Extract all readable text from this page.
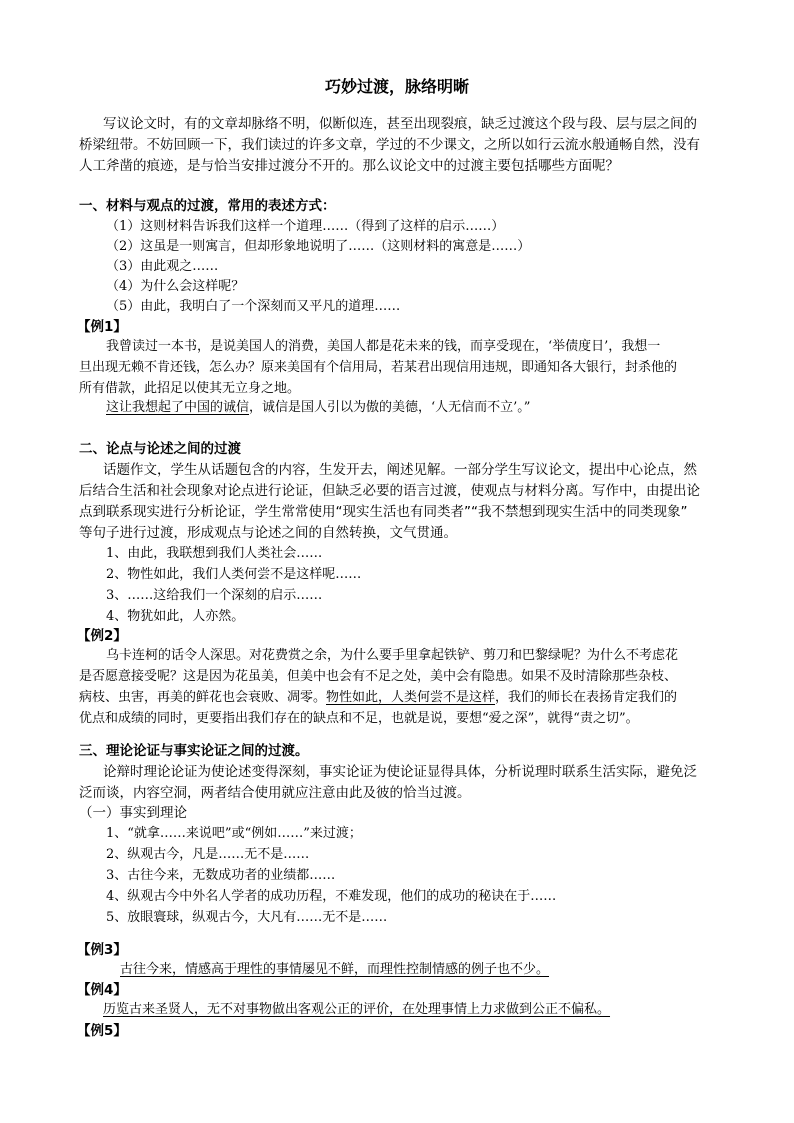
巧妙过渡，脉络明晰
写议论文时，有的文章却脉络不明，似断似连，甚至出现裂痕，缺乏过渡这个段与段、层与层之间的
桥梁纽带。不妨回顾一下，我们读过的许多文章，学过的不少课文，之所以如行云流水般通畅自然，没有
人工斧凿的痕迹，是与恰当安排过渡分不开的。那么议论文中的过渡主要包括哪些方面呢？
一、材料与观点的过渡，常用的表述方式：
（1）这则材料告诉我们这样一个道理……（得到了这样的启示……）
（2）这虽是一则寓言，但却形象地说明了……（这则材料的寓意是……）
（3）由此观之……
（4）为什么会这样呢？
（5）由此，我明白了一个深刻而又平凡的道理……
【例1】
我曾读过一本书，是说美国人的消费，美国人都是花未来的钱，而享受现在，‘举债度日’，我想一
旦出现无赖不肯还钱，怎么办？原来美国有个信用局，若某君出现信用违规，即通知各大银行，封杀他的
所有借款，此招足以使其无立身之地。
这让我想起了中国的诚信，诚信是国人引以为傲的美德，‘人无信而不立’。”
二、论点与论述之间的过渡
话题作文，学生从话题包含的内容，生发开去，阐述见解。一部分学生写议论文，提出中心论点，然
后结合生活和社会现象对论点进行论证，但缺乏必要的语言过渡，使观点与材料分离。写作中，由提出论
点到联系现实进行分析论证，学生常常使用“现实生活也有同类者”“我不禁想到现实生活中的同类现象”
等句子进行过渡，形成观点与论述之间的自然转换，文气贯通。
1、由此，我联想到我们人类社会……
2、物性如此，我们人类何尝不是这样呢……
3、……这给我们一个深刻的启示……
4、物犹如此，人亦然。
【例2】
乌卡连柯的话令人深思。对花费赏之余，为什么要手里拿起铁铲、剪刀和巴黎绿呢？为什么不考虑花
是否愿意接受呢？这是因为花虽美，但美中也会有不足之处，美中会有隐患。如果不及时清除那些杂枝、
病枝、虫害，再美的鲜花也会衰败、凋零。物性如此，人类何尝不是这样，我们的师长在表扬肯定我们的
优点和成绩的同时，更要指出我们存在的缺点和不足，也就是说，要想“爱之深”，就得“责之切”。
三、理论论证与事实论证之间的过渡。
论辩时理论论证为使论述变得深刻，事实论证为使论证显得具体，分析说理时联系生活实际，避免泛
泛而谈，内容空洞，两者结合使用就应注意由此及彼的恰当过渡。
（一）事实到理论
1、“就拿……来说吧”或“例如……”来过渡；
2、纵观古今，凡是……无不是……
3、古往今来，无数成功者的业绩都……
4、纵观古今中外名人学者的成功历程，不难发现，他们的成功的秘诀在于……
5、放眼寰球，纵观古今，大凡有……无不是……
【例3】
古往今来，情感高于理性的事情屡见不鲜，而理性控制情感的例子也不少。
【例4】
历览古来圣贤人，无不对事物做出客观公正的评价，在处理事情上力求做到公正不偏私。
【例5】
